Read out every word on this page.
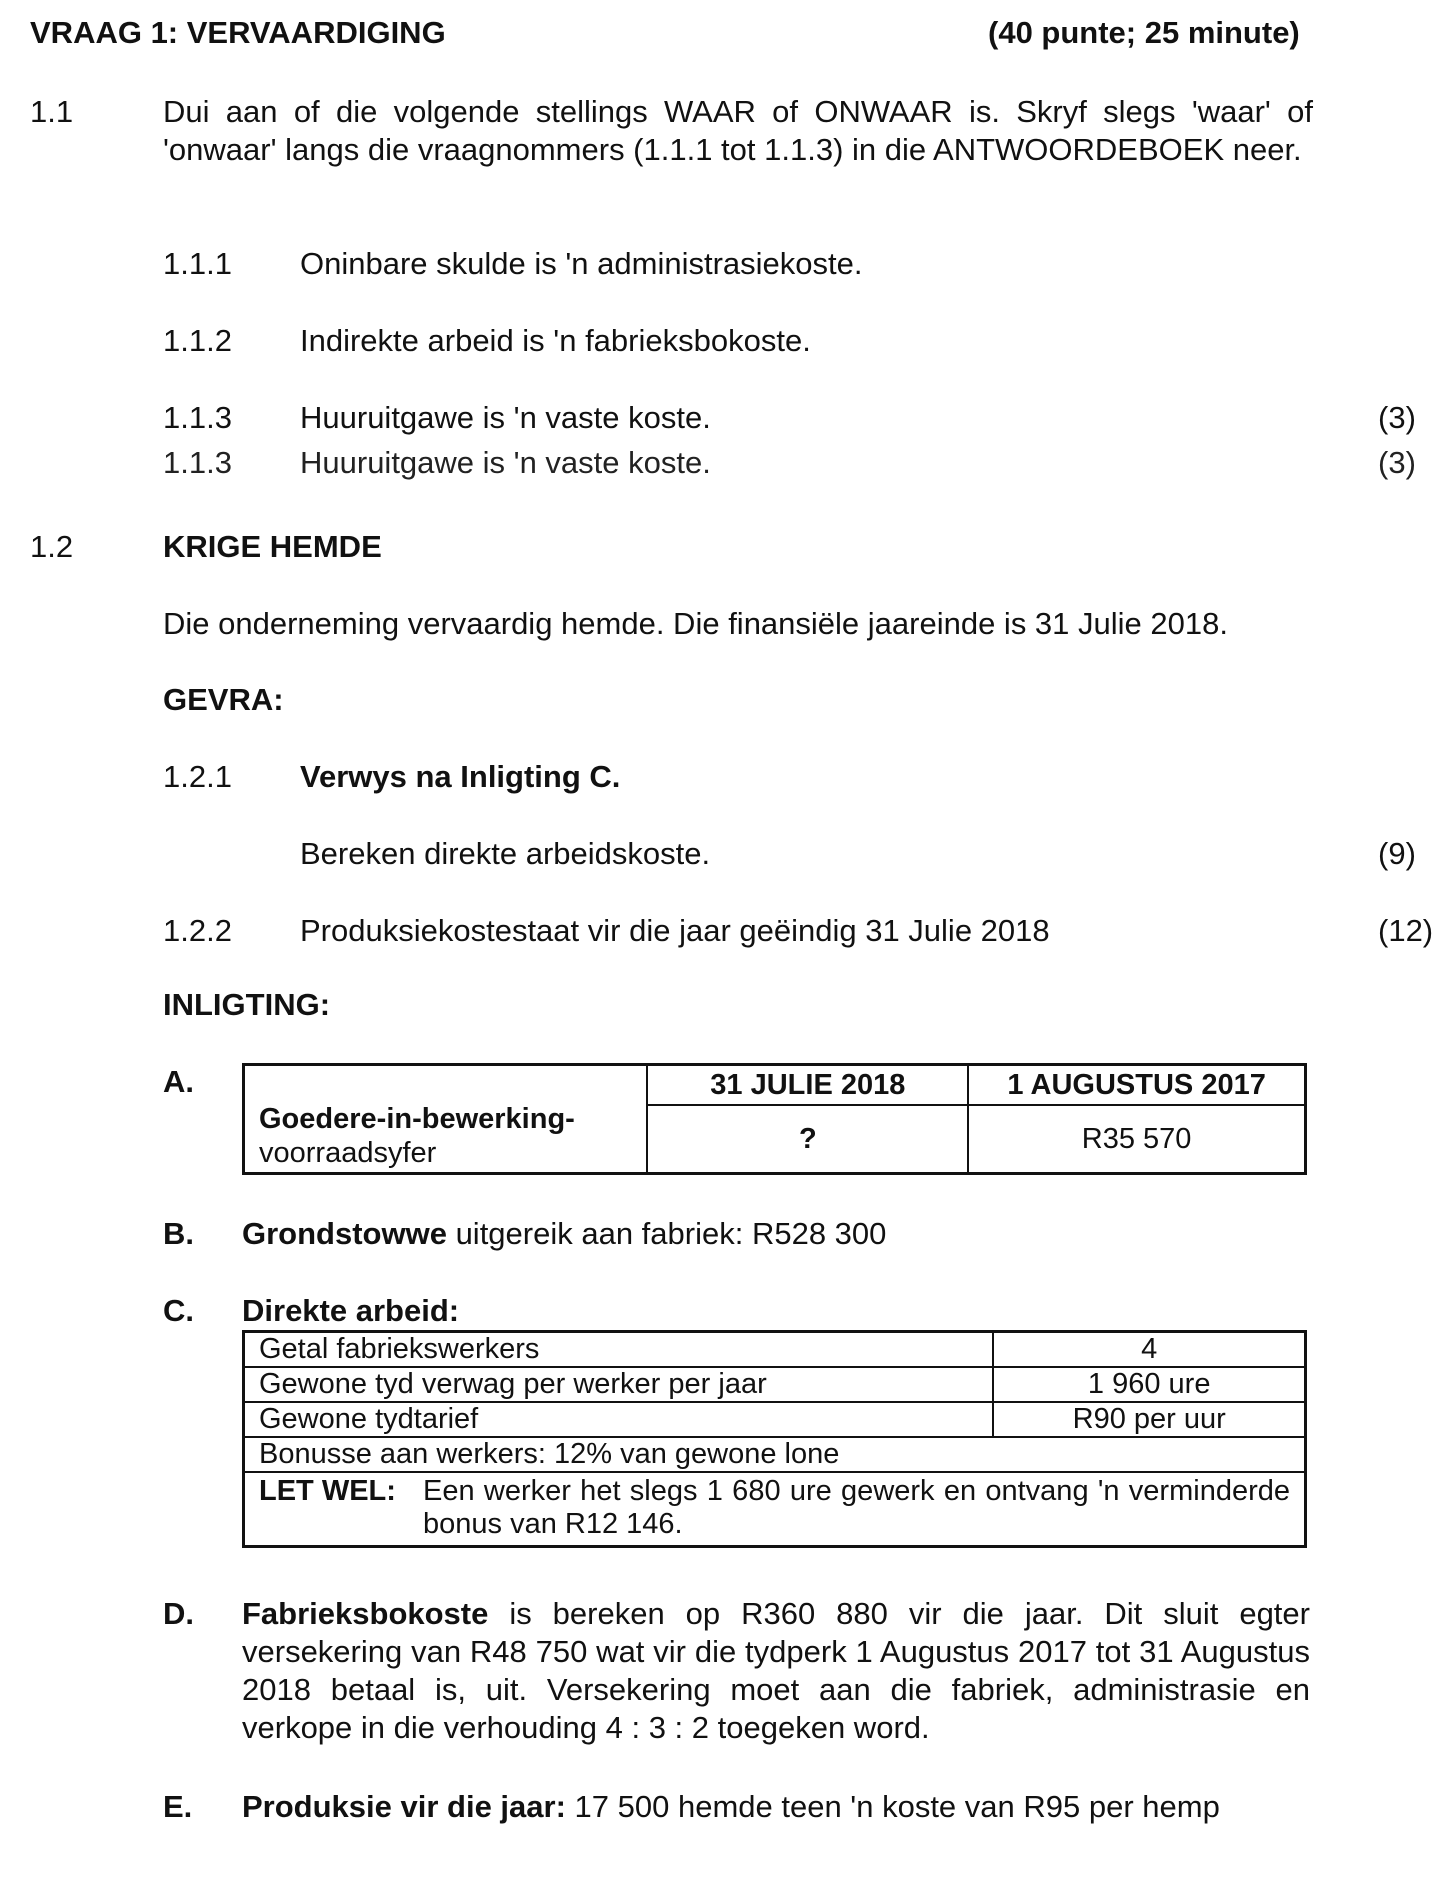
VRAAG 1: VERVAARDIGING	(40 punte; 25 minute)
1.1	Dui aan of die volgende stellings WAAR of ONWAAR is. Skryf slegs 'waar' of 'onwaar' langs die vraagnommers (1.1.1 tot 1.1.3) in die ANTWOORDEBOEK neer.
1.1.1 Oninbare skulde is 'n administrasiekoste.
1.1.2 Indirekte arbeid is 'n fabrieksbokoste.
1.1.3 Huuruitgawe is 'n vaste koste.	(3)
1.1.3 Huuruitgawe is 'n vaste koste.	(3)
1.2	KRIGE HEMDE
Die onderneming vervaardig hemde. Die finansiële jaareinde is 31 Julie 2018.
GEVRA:
1.2.1 Verwys na Inligting C.
Bereken direkte arbeidskoste.	(9)
1.2.2 Produksiekostestaat vir die jaar geëindig 31 Julie 2018	(12)
INLIGTING:
A.
Goedere-in-bewerking-
voorraadsyfer	31 JULIE 2018	1 AUGUSTUS 2017
	?	R35 570
B. Grondstowwe uitgereik aan fabriek: R528 300
C. Direkte arbeid:
Getal fabriekswerkers	4
Gewone tyd verwag per werker per jaar	1 960 ure
Gewone tydtarief	R90 per uur
Bonusse aan werkers: 12% van gewone lone	

LET WEL: Een werker het slegs 1 680 ure gewerk en ontvang 'n verminderde bonus van R12 146.	
D. Fabrieksbokoste is bereken op R360 880 vir die jaar. Dit sluit egter versekering van R48 750 wat vir die tydperk 1 Augustus 2017 tot 31 Augustus 2018 betaal is, uit. Versekering moet aan die fabriek, administrasie en verkope in die verhouding 4 : 3 : 2 toegeken word.
E. Produksie vir die jaar: 17 500 hemde teen 'n koste van R95 per hemp
